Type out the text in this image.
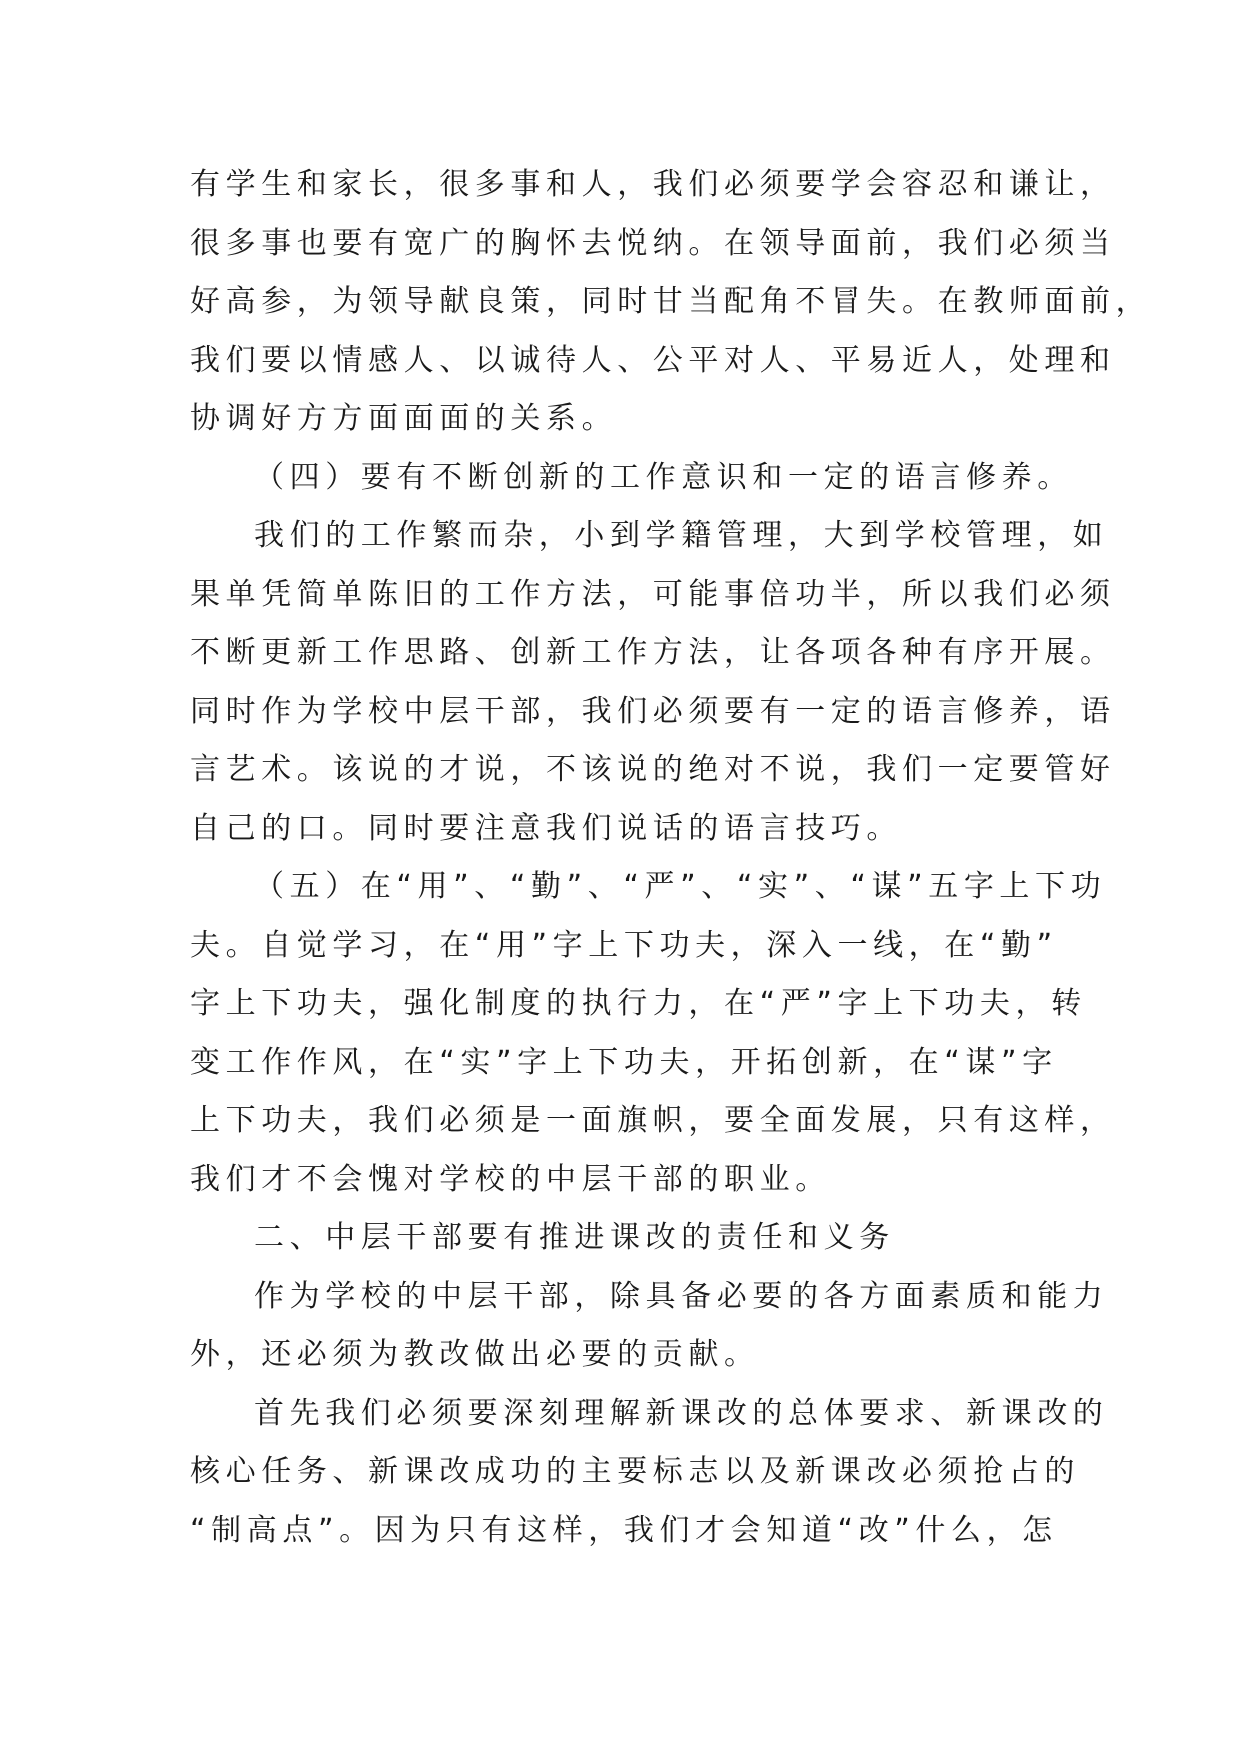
有学生和家长，很多事和人，我们必须要学会容忍和谦让，
很多事也要有宽广的胸怀去悦纳。在领导面前，我们必须当
好高参，为领导献良策，同时甘当配角不冒失。在教师面前，
我们要以情感人、以诚待人、公平对人、平易近人，处理和
协调好方方面面面的关系。
（四）要有不断创新的工作意识和一定的语言修养。
我们的工作繁而杂，小到学籍管理，大到学校管理，如
果单凭简单陈旧的工作方法，可能事倍功半，所以我们必须
不断更新工作思路、创新工作方法，让各项各种有序开展。
同时作为学校中层干部，我们必须要有一定的语言修养，语
言艺术。该说的才说，不该说的绝对不说，我们一定要管好
自己的口。同时要注意我们说话的语言技巧。
（五）在“用”、“勤”、“严”、“实”、“谋”五字上下功
夫。自觉学习，在“用”字上下功夫，深入一线，在“勤”
字上下功夫，强化制度的执行力，在“严”字上下功夫，转
变工作作风，在“实”字上下功夫，开拓创新，在“谋”字
上下功夫，我们必须是一面旗帜，要全面发展，只有这样，
我们才不会愧对学校的中层干部的职业。
二、中层干部要有推进课改的责任和义务
作为学校的中层干部，除具备必要的各方面素质和能力
外，还必须为教改做出必要的贡献。
首先我们必须要深刻理解新课改的总体要求、新课改的
核心任务、新课改成功的主要标志以及新课改必须抢占的
“制高点”。因为只有这样，我们才会知道“改”什么，怎
